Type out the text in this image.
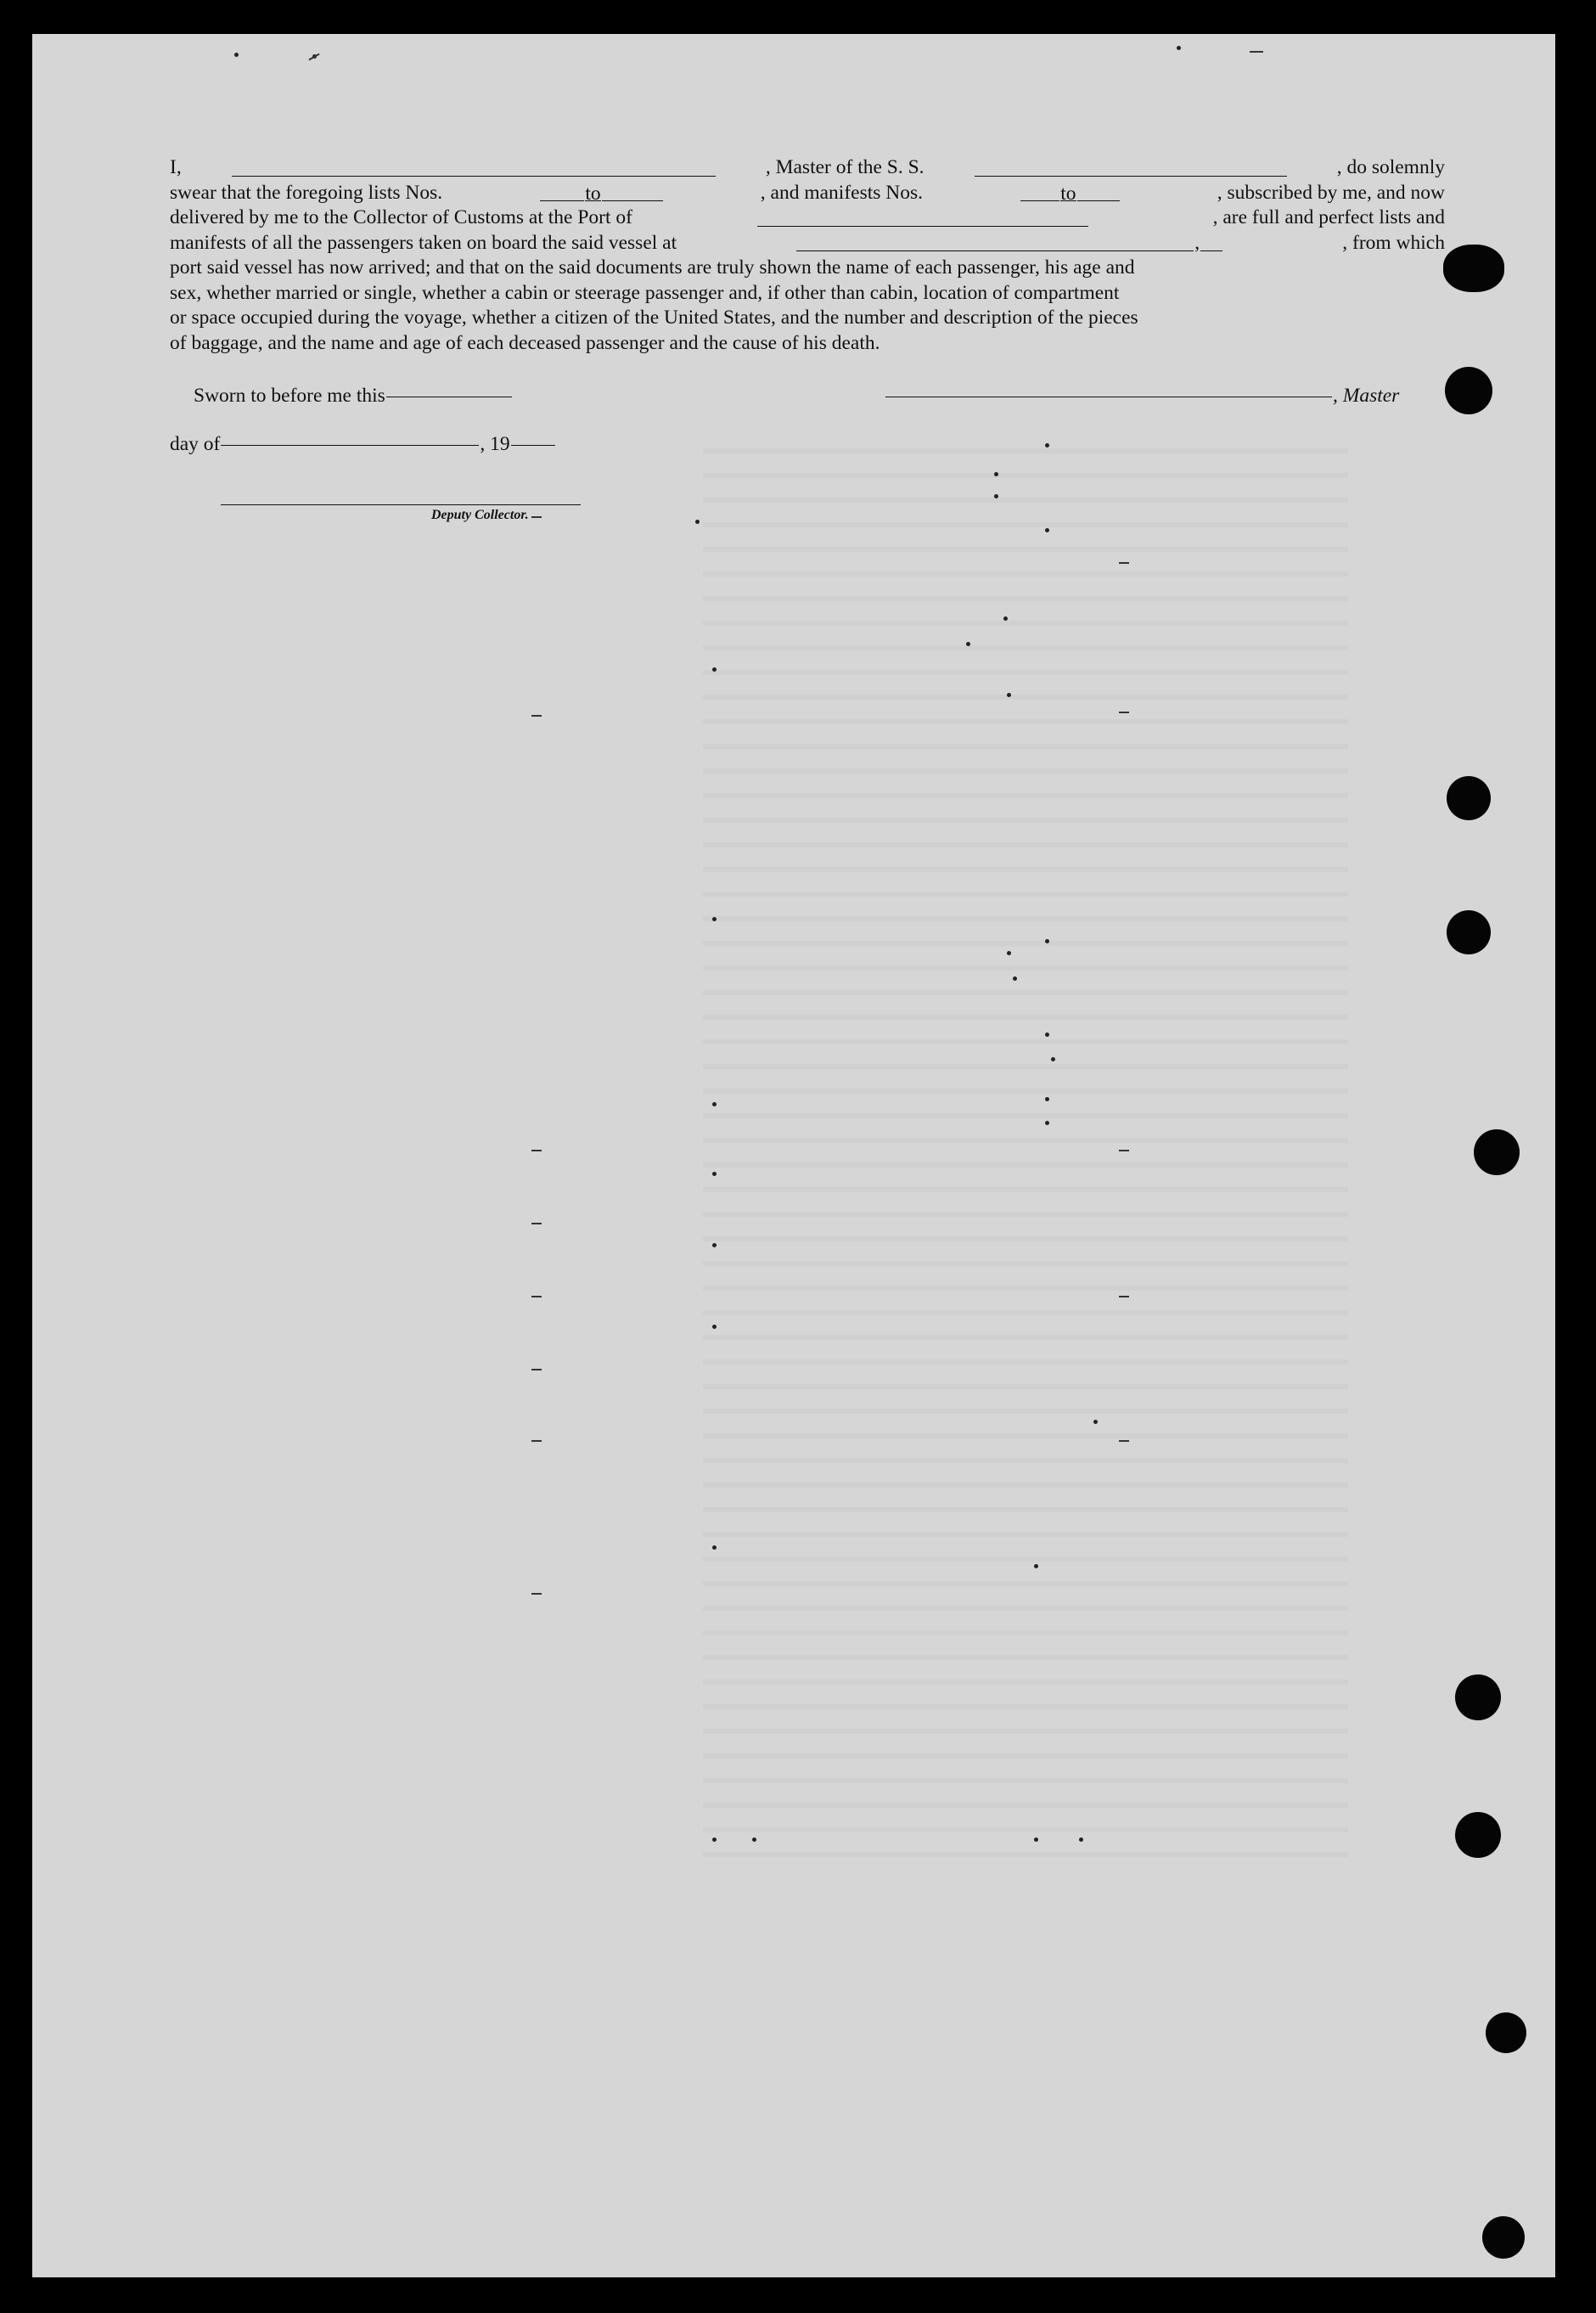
I,	, Master of the S. S.	, do solemnly
swear that the foregoing lists Nos.	to	, and manifests Nos.	to	, subscribed by me, and now
delivered by me to the Collector of Customs at the Port of	, are full and perfect lists and
manifests of all the passengers taken on board the said vessel at	,	, from which
port said vessel has now arrived; and that on the said documents are truly shown the name of each passenger, his age and
sex, whether married or single, whether a cabin or steerage passenger and, if other than cabin, location of compartment
or space occupied during the voyage, whether a citizen of the United States, and the number and description of the pieces
of baggage, and the name and age of each deceased passenger and the cause of his death.
Sworn to before me this	, Master
day of	, 19
Deputy Collector.
